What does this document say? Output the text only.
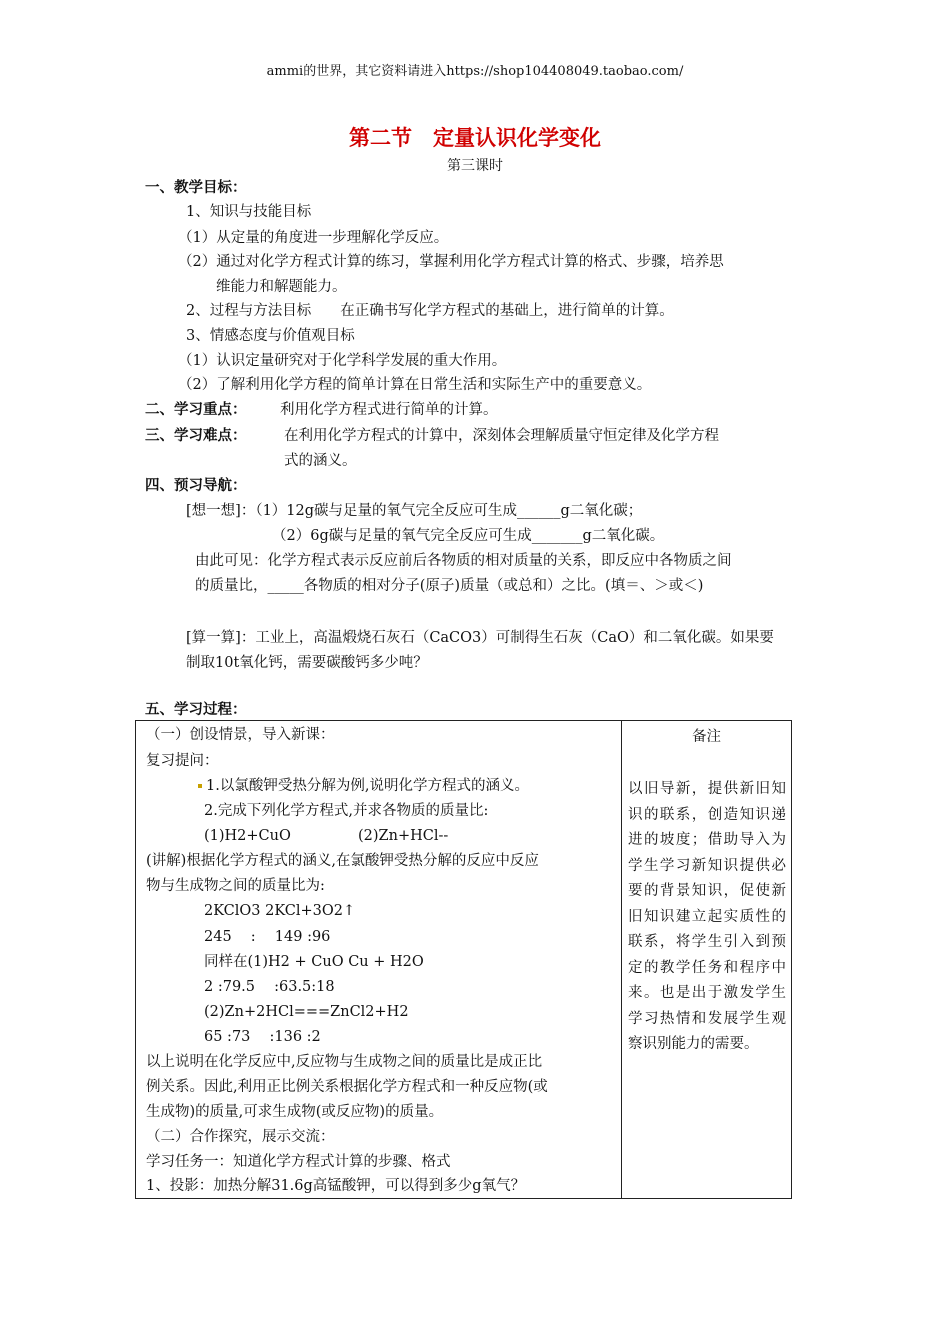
ammi的世界，其它资料请进入https://shop104408049.taobao.com/
第二节　定量认识化学变化
第三课时
一、教学目标：
1、知识与技能目标
（1）从定量的角度进一步理解化学反应。
（2）通过对化学方程式计算的练习，掌握利用化学方程式计算的格式、步骤，培养思
维能力和解题能力。
2、过程与方法目标　　在正确书写化学方程式的基础上，进行简单的计算。
3、情感态度与价值观目标
（1）认识定量研究对于化学科学发展的重大作用。
（2）了解利用化学方程的简单计算在日常生活和实际生产中的重要意义。
二、学习重点： 利用化学方程式进行简单的计算。
三、学习难点：	在利用化学方程式的计算中，深刻体会理解质量守恒定律及化学方程
式的涵义。
四、预习导航：
[想一想]：（1）12g碳与足量的氧气完全反应可生成______g二氧化碳；
（2）6g碳与足量的氧气完全反应可生成_______g二氧化碳。
由此可见：化学方程式表示反应前后各物质的相对质量的关系，即反应中各物质之间
的质量比，_____各物质的相对分子(原子)质量（或总和）之比。(填＝、＞或＜)
[算一算]：工业上，高温煅烧石灰石（CaCO3）可制得生石灰（CaO）和二氧化碳。如果要
制取10t氧化钙，需要碳酸钙多少吨？
五、学习过程：
（一）创设情景，导入新课：
复习提问：
1.以氯酸钾受热分解为例,说明化学方程式的涵义。
2.完成下列化学方程式,并求各物质的质量比:
(1)H2+CuO	(2)Zn+HCl--
(讲解)根据化学方程式的涵义,在氯酸钾受热分解的反应中反应
物与生成物之间的质量比为:
2KClO3 2KCl+3O2↑
245　 :　 149 :96
同样在(1)H2 + CuO Cu + H2O
2 :79.5　 :63.5:18
(2)Zn+2HCl===ZnCl2+H2
65 :73　 :136 :2
以上说明在化学反应中,反应物与生成物之间的质量比是成正比
例关系。因此,利用正比例关系根据化学方程式和一种反应物(或
生成物)的质量,可求生成物(或反应物)的质量。
（二）合作探究，展示交流：
学习任务一：知道化学方程式计算的步骤、格式
1、投影：加热分解31.6g高锰酸钾，可以得到多少g氧气？

备注
以旧导新，提供新旧知识的联系，创造知识递进的坡度；借助导入为学生学习新知识提供必要的背景知识，促使新旧知识建立起实质性的联系，将学生引入到预定的教学任务和程序中来。也是出于激发学生学习热情和发展学生观察识别能力的需要。
